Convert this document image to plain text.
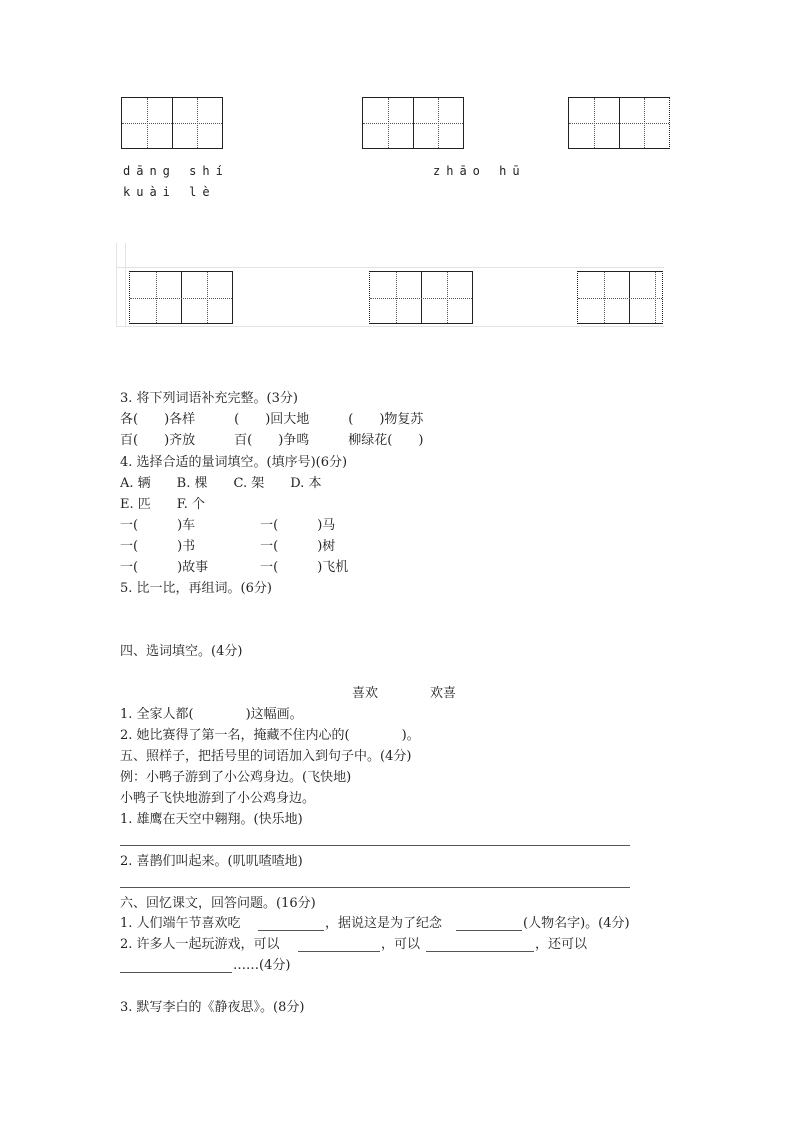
dāng shí	zhāo hū
kuài lè
3. 将下列词语补充完整。(3分)
各(　　)各样　　　(　　)回大地　　　(　　)物复苏
百(　　)齐放　　　百(　　)争鸣　　　柳绿花(　　)
4. 选择合适的量词填空。(填序号)(6分)
A. 辆　　B. 棵　　C. 架　　D. 本
E. 匹　　F. 个
一(　　　)车　　　　　一(　　　)马
一(　　　)书　　　　　一(　　　)树
一(　　　)故事　　　　一(　　　)飞机
5. 比一比，再组词。(6分)
四、选词填空。(4分)
喜欢　　　　欢喜
1. 全家人都(　　　　)这幅画。
2. 她比赛得了第一名，掩藏不住内心的(　　　　)。
五、照样子，把括号里的词语加入到句子中。(4分)
例：小鸭子游到了小公鸡身边。(飞快地)
小鸭子飞快地游到了小公鸡身边。
1. 雄鹰在天空中翱翔。(快乐地)
2. 喜鹊们叫起来。(叽叽喳喳地)
六、回忆课文，回答问题。(16分)
1. 人们端午节喜欢吃	，据说这是为了纪念	(人物名字)。(4分)
2. 许多人一起玩游戏，可以	，可以	，还可以
……(4分)
3. 默写李白的《静夜思》。(8分)
